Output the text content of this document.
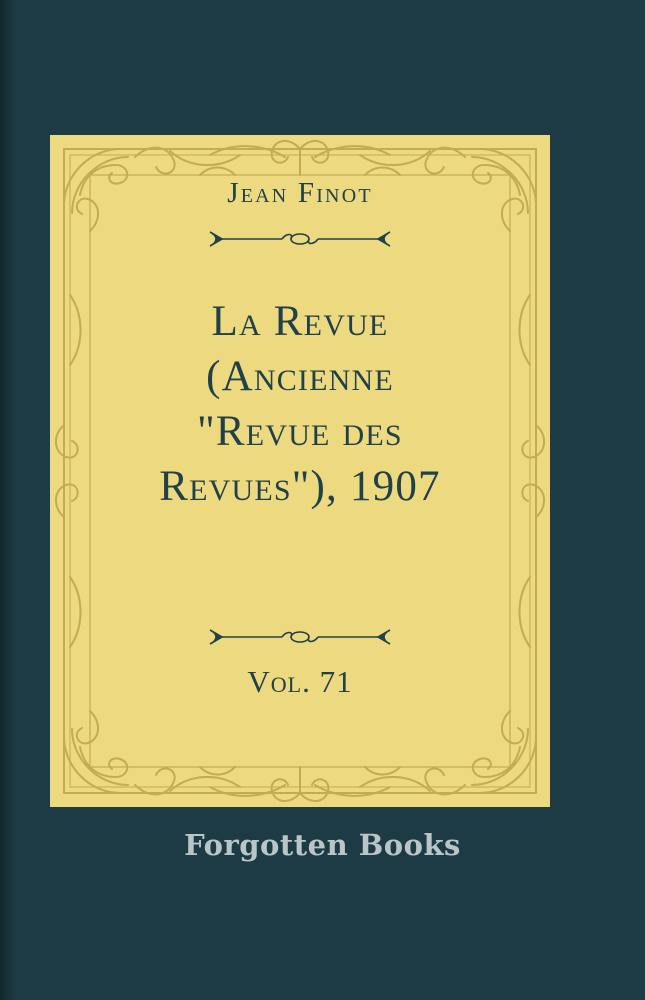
Jean Finot
La Revue
(Ancienne
"Revue des
Revues"), 1907
Vol. 71
Forgotten Books
